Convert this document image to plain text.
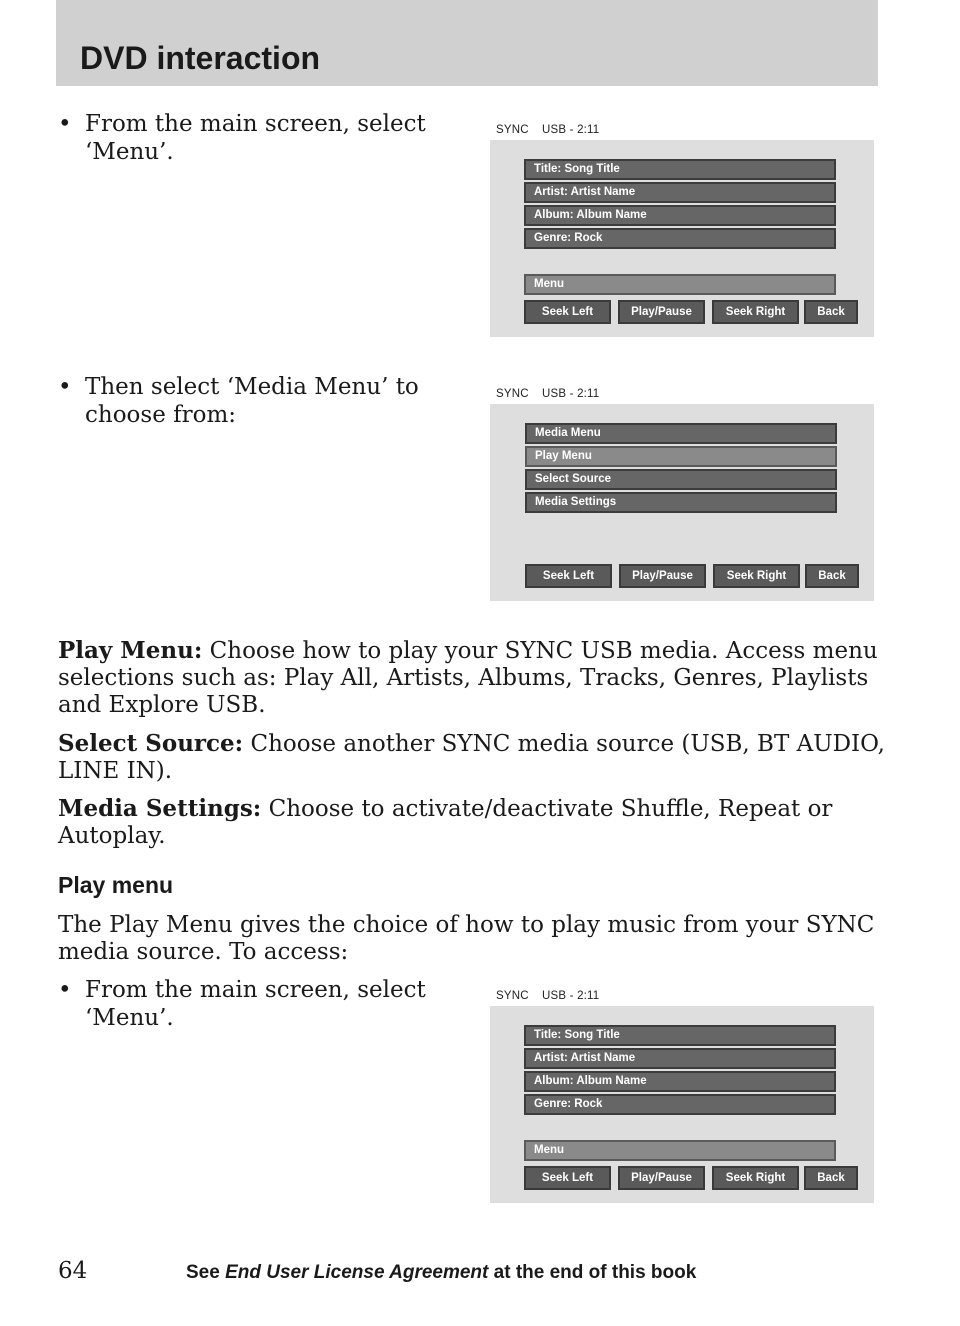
DVD interaction
• From the main screen, select ‘Menu’.
SYNC USB - 2:11
Title: Song Title
Artist: Artist Name
Album: Album Name
Genre: Rock
Menu
Seek Left	Play/Pause	Seek Right	Back
• Then select ‘Media Menu’ to choose from:
SYNC USB - 2:11
Media Menu
Play Menu
Select Source
Media Settings
Seek Left	Play/Pause	Seek Right	Back
Play Menu: Choose how to play your SYNC USB media. Access menu selections such as: Play All, Artists, Albums, Tracks, Genres, Playlists and Explore USB.
Select Source: Choose another SYNC media source (USB, BT AUDIO, LINE IN).
Media Settings: Choose to activate/deactivate Shuffle, Repeat or Autoplay.
Play menu
The Play Menu gives the choice of how to play music from your SYNC media source. To access:
• From the main screen, select ‘Menu’.
SYNC USB - 2:11
Title: Song Title
Artist: Artist Name
Album: Album Name
Genre: Rock
Menu
Seek Left	Play/Pause	Seek Right	Back
64	See End User License Agreement at the end of this book
